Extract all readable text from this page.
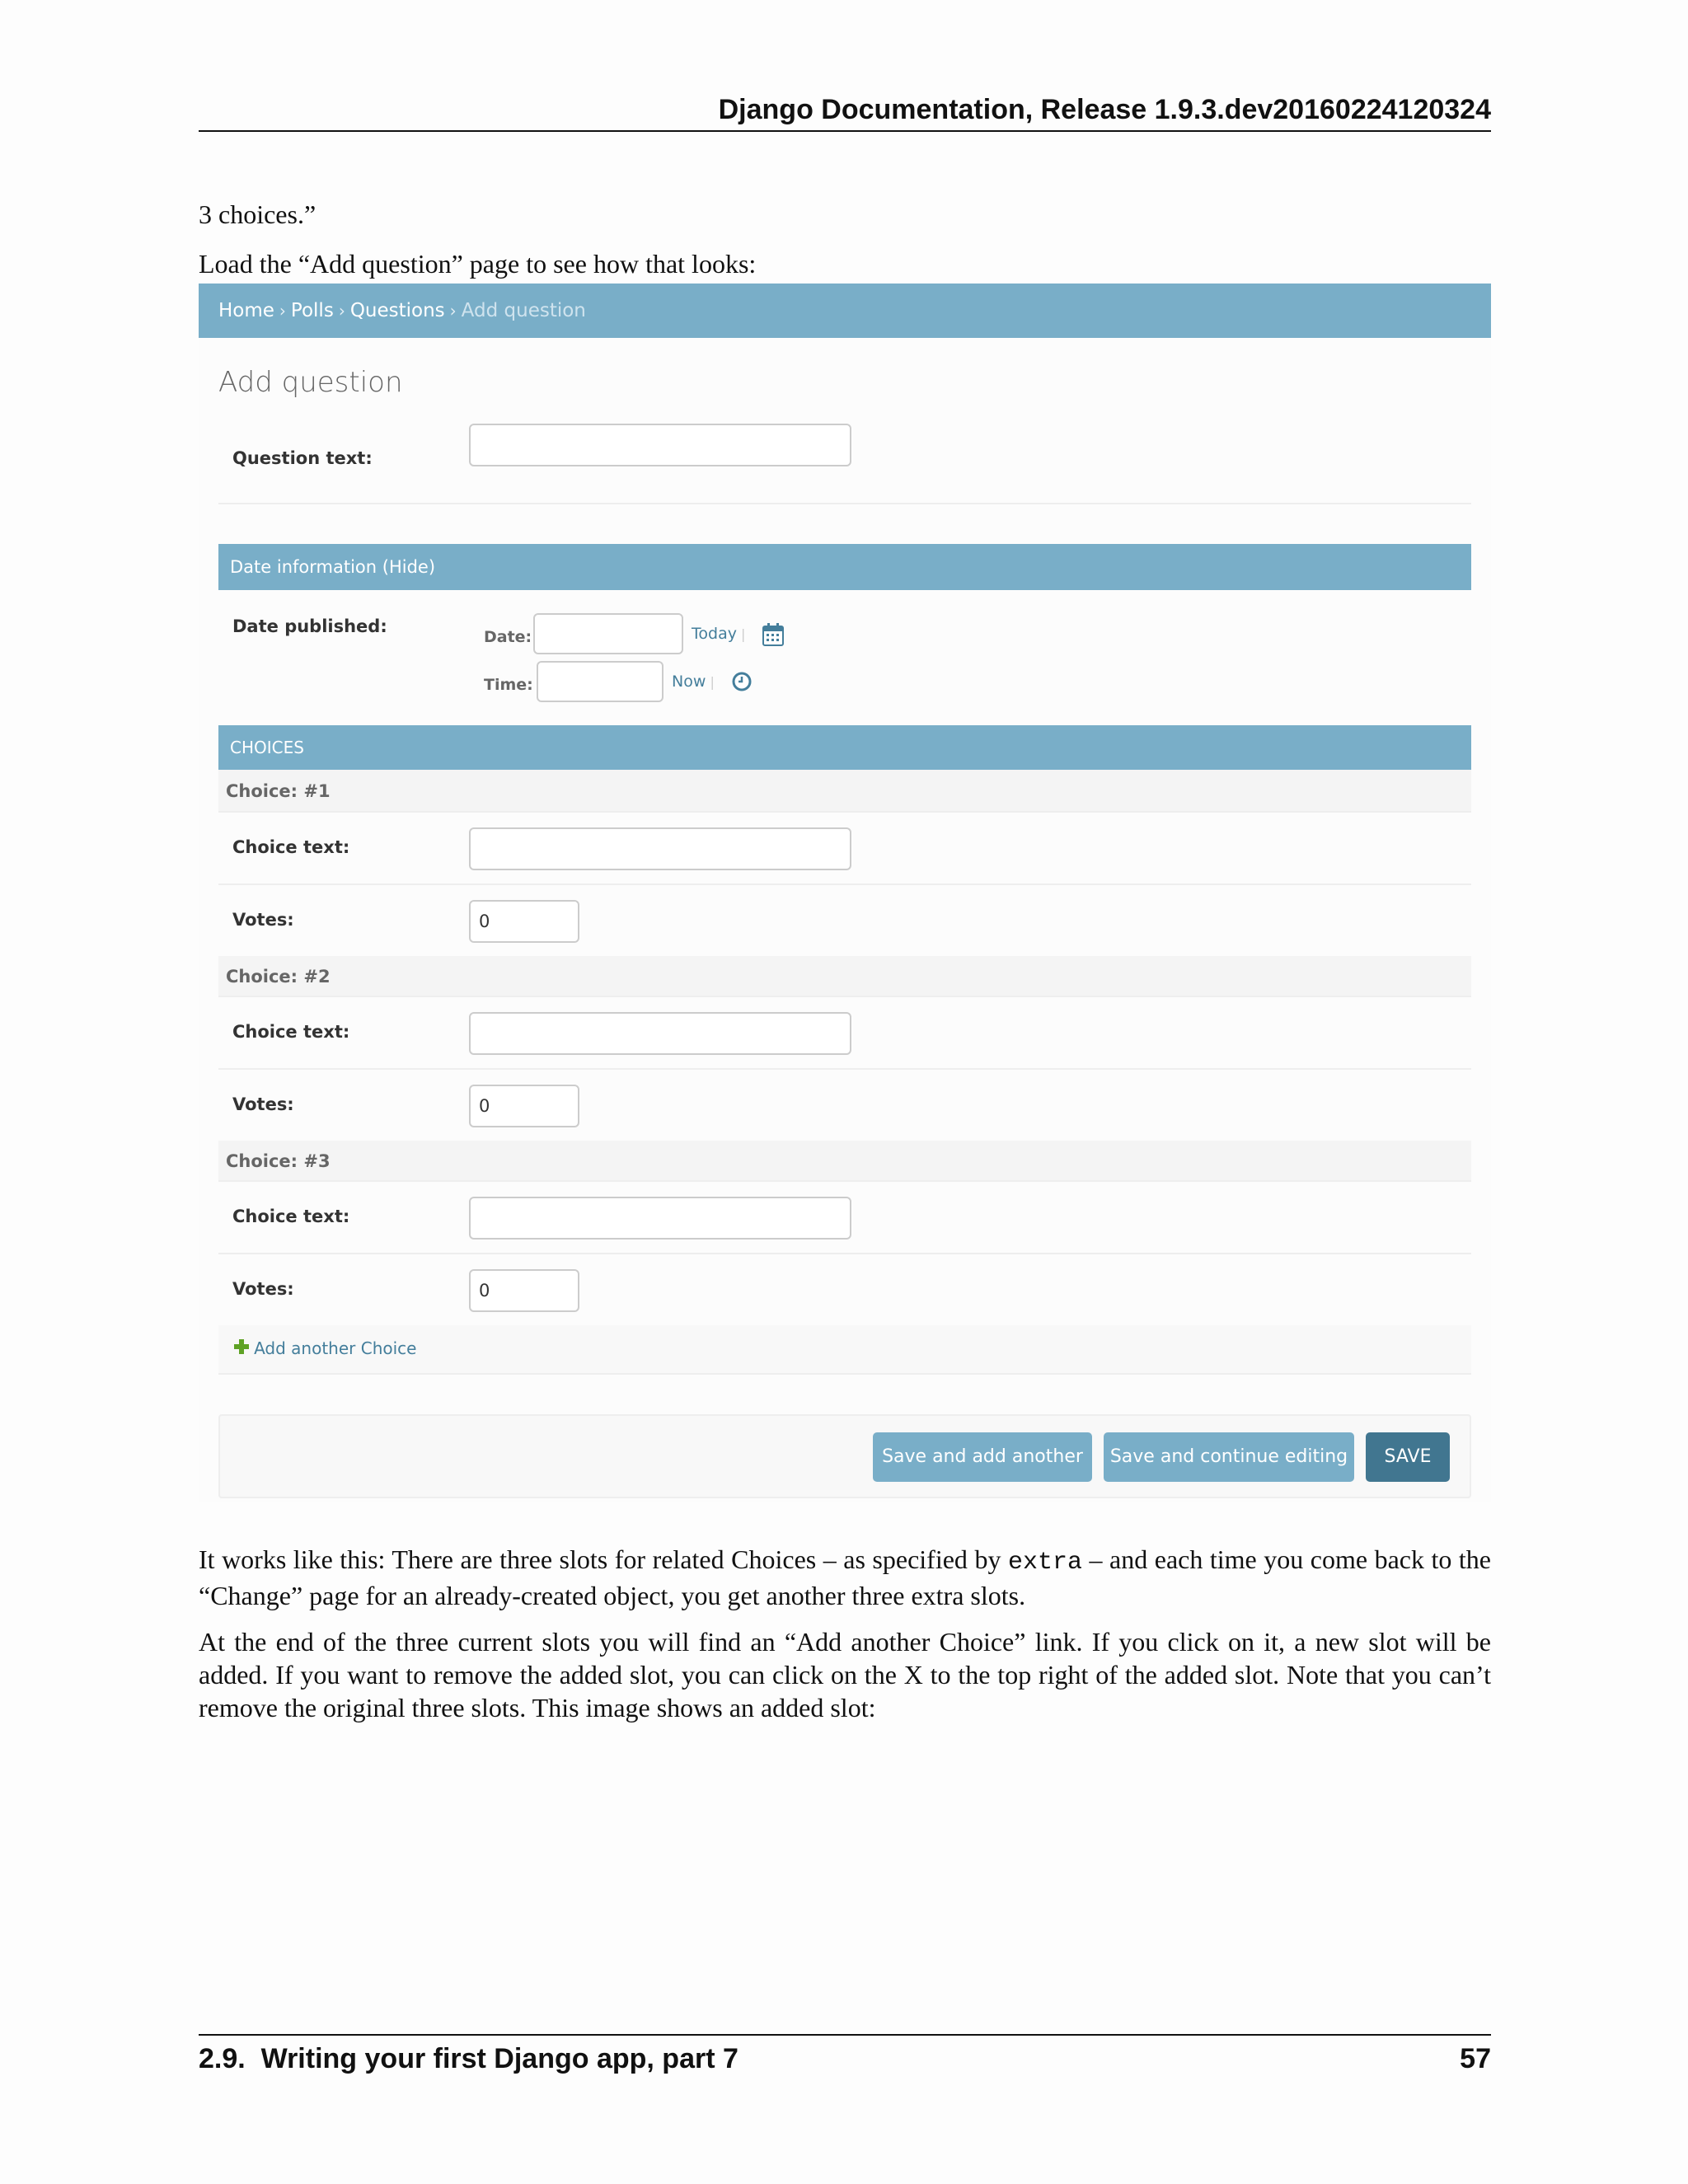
Django Documentation, Release 1.9.3.dev20160224120324

3 choices.”

Load the “Add question” page to see how that looks:

Home › Polls › Questions › Add question
Add question
Question text:
Date information (Hide)
Date published:
Date:	Today |
Time:	Now |
CHOICES
Choice: #1
Choice text:
Votes:
0
Choice: #2
Choice text:
Votes:
0
Choice: #3
Choice text:
Votes:
0
Add another Choice
Save and add another	Save and continue editing	SAVE

It works like this: There are three slots for related Choices – as specified by extra – and each time you come back to the “Change” page for an already-created object, you get another three extra slots.

At the end of the three current slots you will find an “Add another Choice” link. If you click on it, a new slot will be added. If you want to remove the added slot, you can click on the X to the top right of the added slot. Note that you can’t remove the original three slots. This image shows an added slot:

2.9.  Writing your first Django app, part 7	57
